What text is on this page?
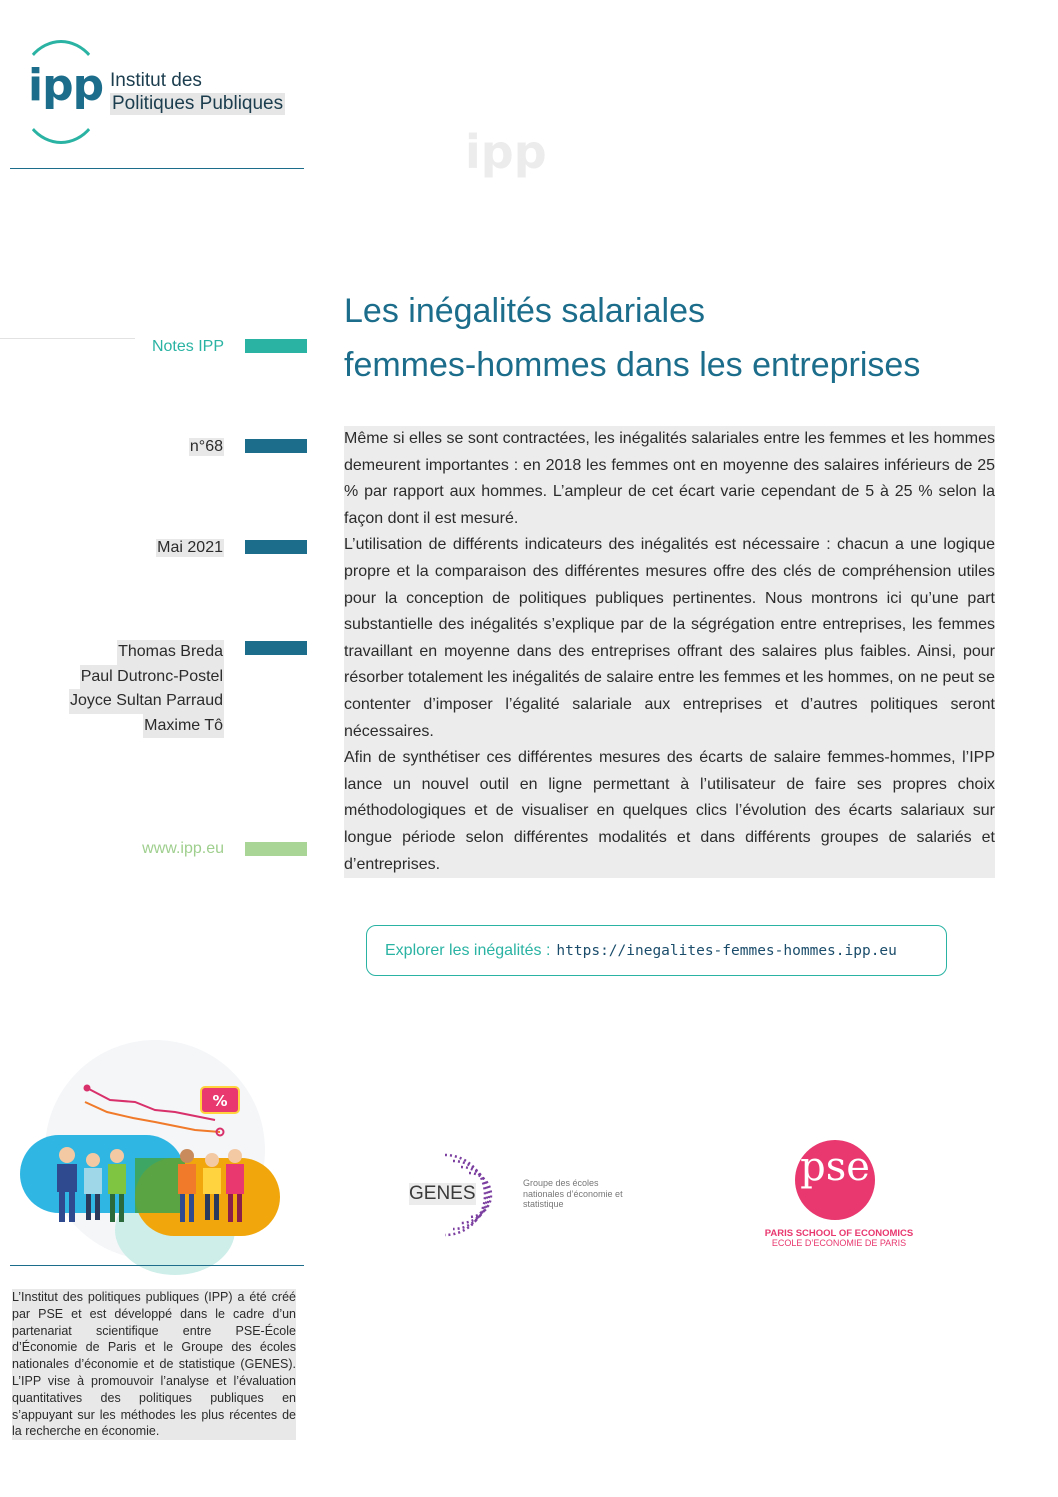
ipp
ipp Institut des
Politiques Publiques
Les inégalités salariales
femmes-hommes dans les entreprises
Notes IPP
n°68
Mai 2021
Thomas Breda
Paul Dutronc-Postel
Joyce Sultan Parraud
Maxime Tô
www.ipp.eu

Même si elles se sont contractées, les inégalités salariales entre les femmes et les hommes demeurent importantes : en 2018 les femmes ont en moyenne des salaires inférieurs de 25 % par rapport aux hommes. L’ampleur de cet écart varie cependant de 5 à 25 % selon la façon dont il est mesuré.

L’utilisation de différents indicateurs des inégalités est nécessaire : chacun a une logique propre et la comparaison des différentes mesures offre des clés de compréhension utiles pour la conception de politiques publiques pertinentes. Nous montrons ici qu’une part substantielle des inégalités s’explique par de la ségrégation entre entreprises, les femmes travaillant en moyenne dans des entreprises offrant des salaires plus faibles. Ainsi, pour résorber totalement les inégalités de salaire entre les femmes et les hommes, on ne peut se contenter d’imposer l’égalité salariale aux entreprises et d’autres politiques seront nécessaires.

Afin de synthétiser ces différentes mesures des écarts de salaire femmes-hommes, l’IPP lance un nouvel outil en ligne permettant à l’utilisateur de faire ses propres choix méthodologiques et de visualiser en quelques clics l’évolution des écarts salariaux sur longue période selon différentes modalités et dans différents groupes de salariés et d’entreprises.

Explorer les inégalités : https://inegalites-femmes-hommes.ipp.eu
%

L’Institut des politiques publiques (IPP) a été créé par PSE et est développé dans le cadre d’un partenariat scientifique entre PSE-École d’Économie de Paris et le Groupe des écoles nationales d’économie et de statistique (GENES). L’IPP vise à promouvoir l’analyse et l’évaluation quantitatives des politiques publiques en s’appuyant sur les méthodes les plus récentes de la recherche en économie.

GENES	Groupe des écoles nationales d’économie et statistique
pse
PARIS SCHOOL OF ECONOMICS
ECOLE D’ECONOMIE DE PARIS
